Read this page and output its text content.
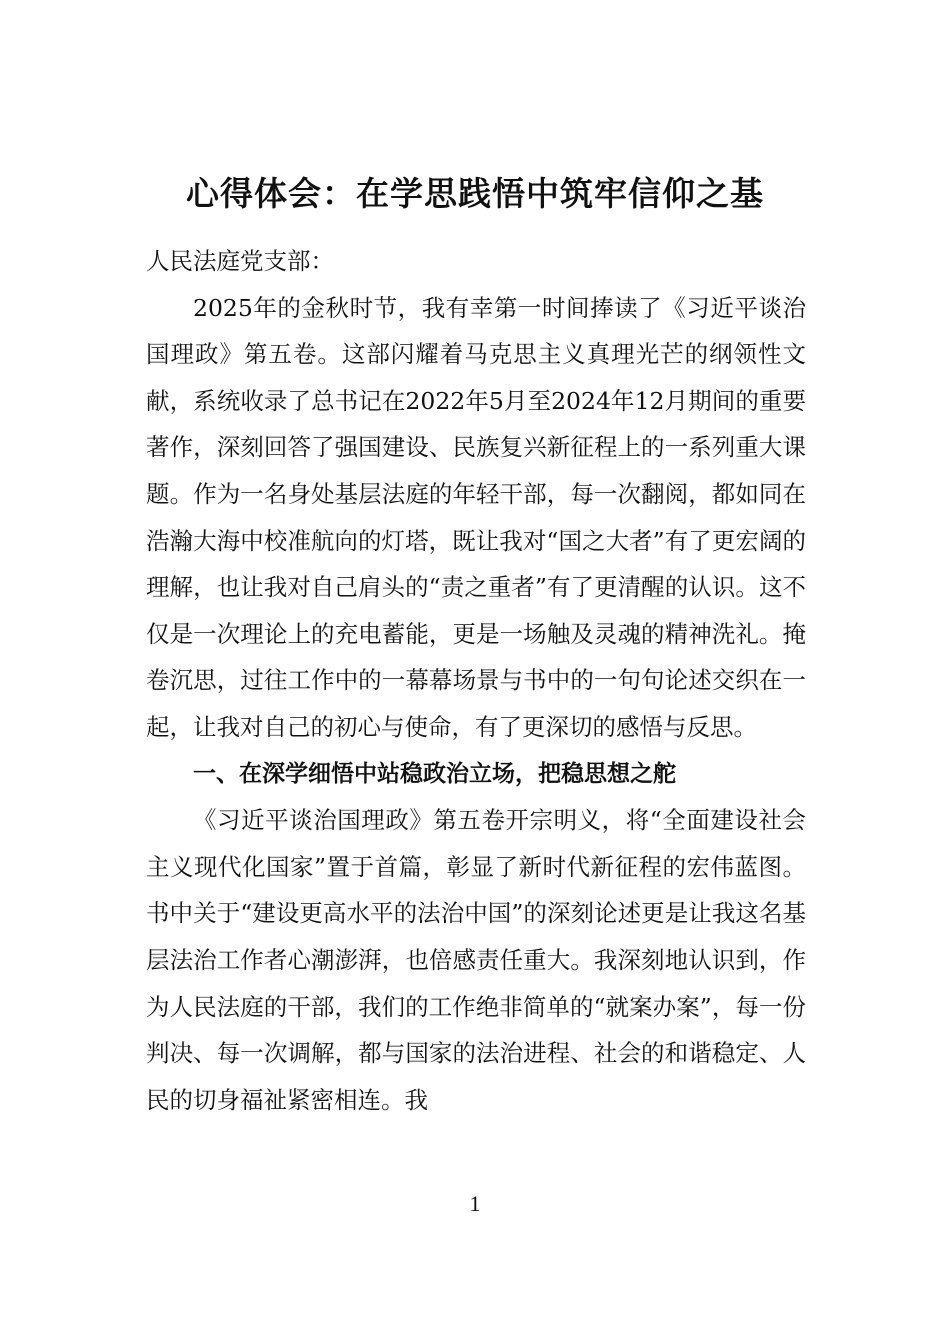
心得体会：在学思践悟中筑牢信仰之基

人民法庭党支部：

2025年的金秋时节，我有幸第一时间捧读了《习近平谈治国理政》第五卷。这部闪耀着马克思主义真理光芒的纲领性文献，系统收录了总书记在2022年5月至2024年12月期间的重要著作，深刻回答了强国建设、民族复兴新征程上的一系列重大课题。作为一名身处基层法庭的年轻干部，每一次翻阅，都如同在浩瀚大海中校准航向的灯塔，既让我对“国之大者”有了更宏阔的理解，也让我对自己肩头的“责之重者”有了更清醒的认识。这不仅是一次理论上的充电蓄能，更是一场触及灵魂的精神洗礼。掩卷沉思，过往工作中的一幕幕场景与书中的一句句论述交织在一起，让我对自己的初心与使命，有了更深切的感悟与反思。

一、在深学细悟中站稳政治立场，把稳思想之舵

《习近平谈治国理政》第五卷开宗明义，将“全面建设社会主义现代化国家”置于首篇，彰显了新时代新征程的宏伟蓝图。书中关于“建设更高水平的法治中国”的深刻论述更是让我这名基层法治工作者心潮澎湃，也倍感责任重大。我深刻地认识到，作为人民法庭的干部，我们的工作绝非简单的“就案办案”，每一份判决、每一次调解，都与国家的法治进程、社会的和谐稳定、人民的切身福祉紧密相连。我

1
